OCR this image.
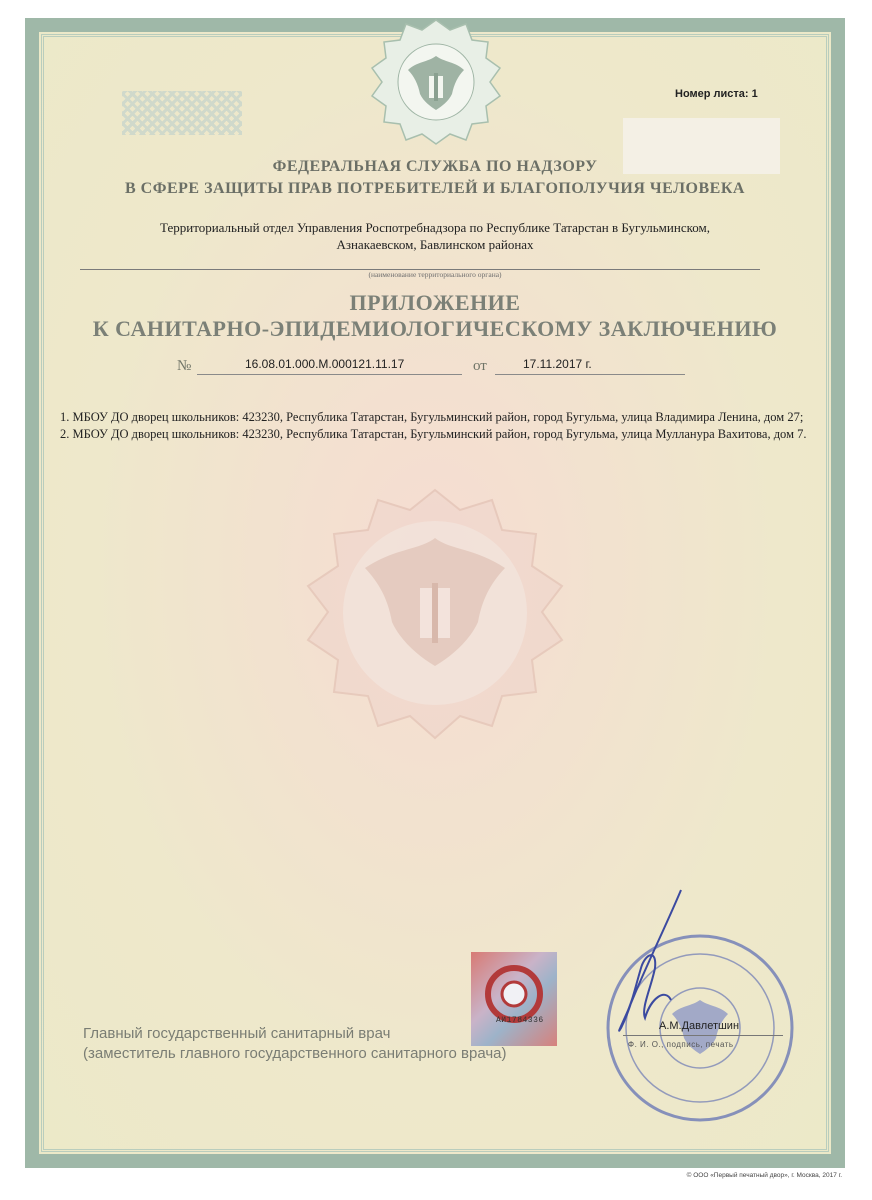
Номер листа: 1
ФЕДЕРАЛЬНАЯ СЛУЖБА ПО НАДЗОРУ
В СФЕРЕ ЗАЩИТЫ ПРАВ ПОТРЕБИТЕЛЕЙ И БЛАГОПОЛУЧИЯ ЧЕЛОВЕКА
Территориальный отдел Управления Роспотребнадзора по Республике Татарстан в Бугульминском,
Азнакаевском, Бавлинском районах
(наименование территориального органа)
ПРИЛОЖЕНИЕ
К САНИТАРНО-ЭПИДЕМИОЛОГИЧЕСКОМУ ЗАКЛЮЧЕНИЮ
№	16.08.01.000.М.000121.11.17	от	17.11.2017 г.

1. МБОУ ДО дворец школьников: 423230, Республика Татарстан, Бугульминский район, город Бугульма, улица Владимира Ленина, дом 27;

2. МБОУ ДО дворец школьников: 423230, Республика Татарстан, Бугульминский район, город Бугульма, улица Мулланура Вахитова, дом 7.

АИ1784336
Главный государственный санитарный врач
(заместитель главного государственного санитарного врача)
А.М.Давлетшин
Ф. И. О., подпись, печать
© ООО «Первый печатный двор», г. Москва, 2017 г.
